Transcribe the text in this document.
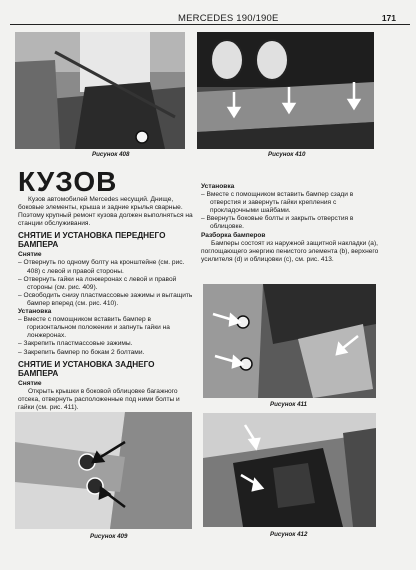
MERCEDES 190/190E	171
Рисунок 408	Рисунок 410
КУЗОВ

Кузов автомобилей Mercedes несущий. Днище, боковые элементы, крыша и задние крылья сварные. Поэтому крупный ремонт кузова должен выполняться на станции обслуживания.

СНЯТИЕ И УСТАНОВКА ПЕРЕДНЕГО БАМПЕРА

Снятие

– Отвернуть по одному болту на кронштейне (см. рис. 408) с левой и правой стороны.

– Отвернуть гайки на лонжеронах с левой и правой стороны (см. рис. 409).

– Освободить снизу пластмассовые зажимы и вытащить бампер вперед (см. рис. 410).

Установка

– Вместе с помощником вставить бампер в горизонтальном положении и запнуть гайки на лонжеронах.

– Закрепить пластмассовые зажимы.

– Закрепить бампер по бокам 2 болтами.

СНЯТИЕ И УСТАНОВКА ЗАДНЕГО БАМПЕРА

Снятие

Открыть крышки в боковой облицовке багажного отсека, отвернуть расположенные под ними болты и гайки (см. рис. 411).

Установка

– Вместе с помощником вставить бампер сзади в отверстия и завернуть гайки крепления с прокладочными шайбами.

– Ввернуть боковые болты и закрыть отверстия в облицовке.

Разборка бамперов

Бамперы состоят из наружной защитной накладки (a), поглощающего энергию пенистого элемента (b), верхнего усилителя (d) и облицовки (c), см. рис. 413.

Рисунок 411
Рисунок 409	Рисунок 412
